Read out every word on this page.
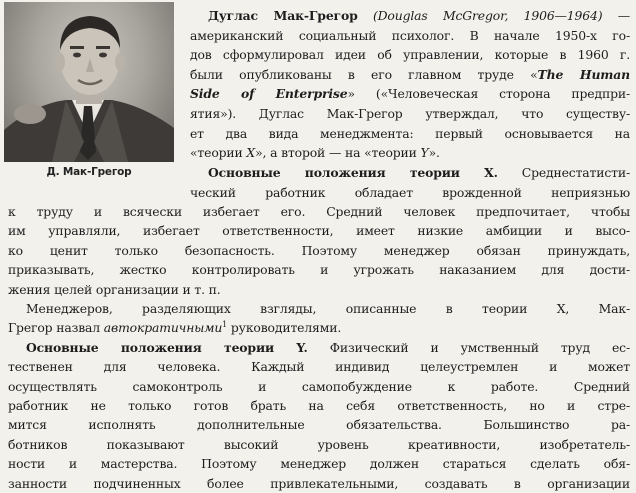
Д. Мак-Грегор
Дуглас Мак-Грегор (Douglas McGregor, 1906—1964) —
американский социальный психолог. В начале 1950-х го-
дов сформулировал идеи об управлении, которые в 1960 г.
были опубликованы в его главном труде «The Human
Side of Enterprise» («Человеческая сторона предпри-
ятия»). Дуглас Мак-Грегор утверждал, что существу-
ет два вида менеджмента: первый основывается на
«теории X», а второй — на «теории Y».
Основные положения теории X. Среднестатисти-
ческий работник обладает врожденной неприязнью
к труду и всячески избегает его. Средний человек предпочитает, чтобы
им управляли, избегает ответственности, имеет низкие амбиции и высо-
ко ценит только безопасность. Поэтому менеджер обязан принуждать,
приказывать, жестко контролировать и угрожать наказанием для дости-
жения целей организации и т. п.
Менеджеров, разделяющих взгляды, описанные в теории X, Мак-
Грегор назвал автократичными$^1$ руководителями.
Основные положения теории Y. Физический и умственный труд ес-
тественен для человека. Каждый индивид целеустремлен и может
осуществлять самоконтроль и самопобуждение к работе. Средний
работник не только готов брать на себя ответственность, но и стре-
мится исполнять дополнительные обязательства. Большинство ра-
ботников показывают высокий уровень креативности, изобретатель-
ности и мастерства. Поэтому менеджер должен стараться сделать обя-
занности подчиненных более привлекательными, создавать в организации
